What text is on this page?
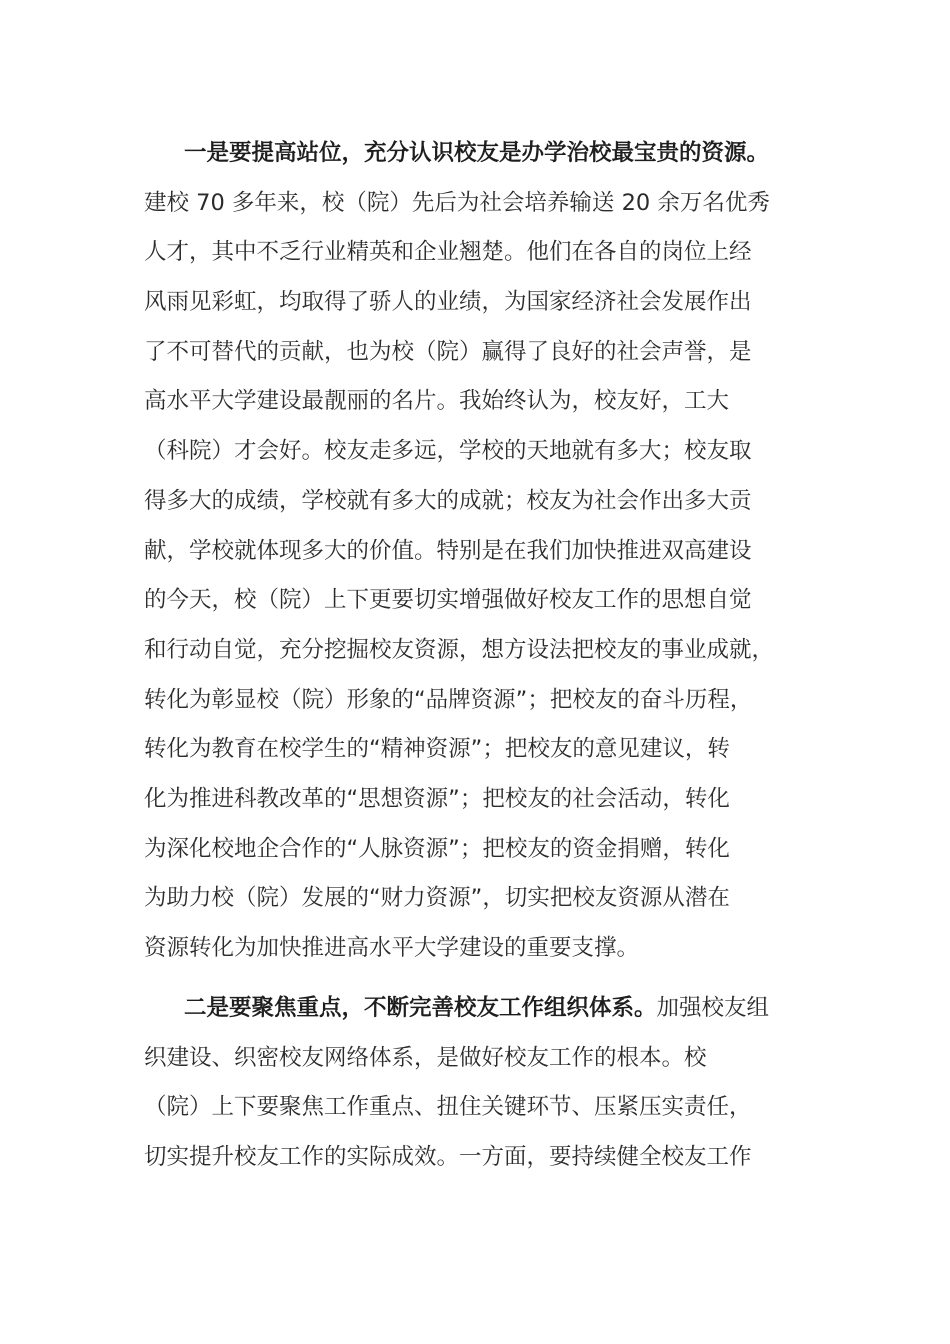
一是要提高站位，充分认识校友是办学治校最宝贵的资源。
建校 70 多年来，校（院）先后为社会培养输送 20 余万名优秀
人才，其中不乏行业精英和企业翘楚。他们在各自的岗位上经
风雨见彩虹，均取得了骄人的业绩，为国家经济社会发展作出
了不可替代的贡献，也为校（院）赢得了良好的社会声誉，是
高水平大学建设最靓丽的名片。我始终认为，校友好，工大
（科院）才会好。校友走多远，学校的天地就有多大；校友取
得多大的成绩，学校就有多大的成就；校友为社会作出多大贡
献，学校就体现多大的价值。特别是在我们加快推进双高建设
的今天，校（院）上下更要切实增强做好校友工作的思想自觉
和行动自觉，充分挖掘校友资源，想方设法把校友的事业成就，
转化为彰显校（院）形象的“品牌资源”；把校友的奋斗历程，
转化为教育在校学生的“精神资源”；把校友的意见建议，转
化为推进科教改革的“思想资源”；把校友的社会活动，转化
为深化校地企合作的“人脉资源”；把校友的资金捐赠，转化
为助力校（院）发展的“财力资源”，切实把校友资源从潜在
资源转化为加快推进高水平大学建设的重要支撑。
二是要聚焦重点，不断完善校友工作组织体系。加强校友组
织建设、织密校友网络体系，是做好校友工作的根本。校
（院）上下要聚焦工作重点、扭住关键环节、压紧压实责任，
切实提升校友工作的实际成效。一方面，要持续健全校友工作
